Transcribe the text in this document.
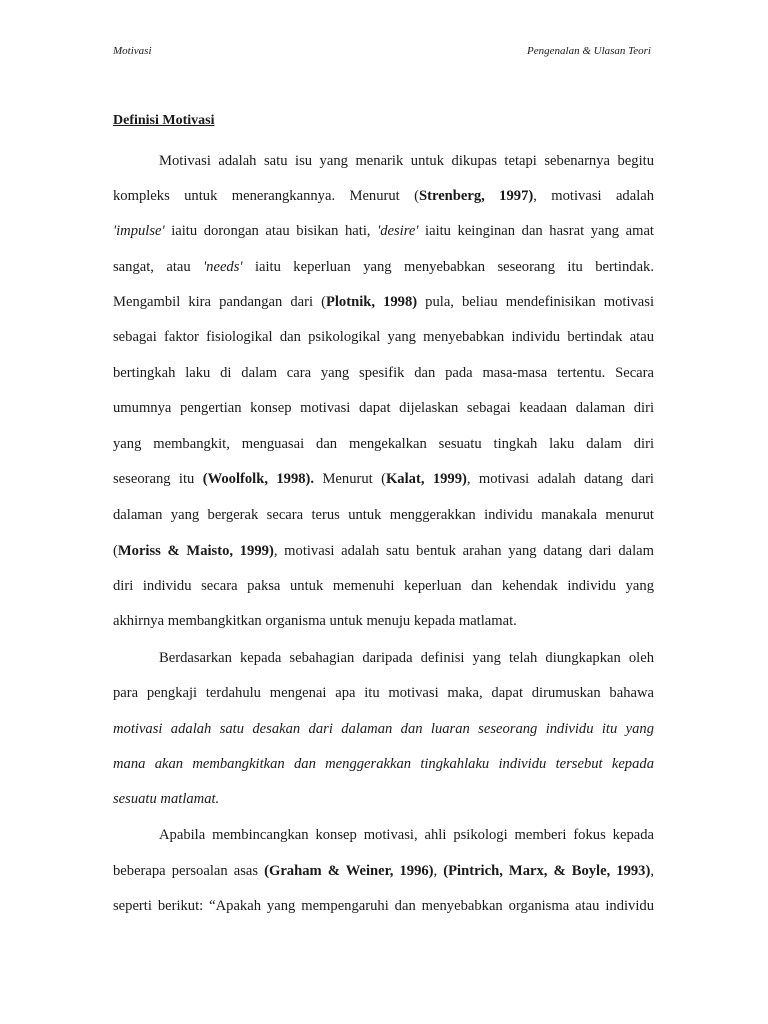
Motivasi	Pengenalan & Ulasan Teori
Definisi Motivasi
Motivasi adalah satu isu yang menarik untuk dikupas tetapi sebenarnya begitu
kompleks untuk menerangkannya. Menurut (Strenberg, 1997), motivasi adalah
'impulse' iaitu dorongan atau bisikan hati, 'desire' iaitu keinginan dan hasrat yang amat
sangat, atau 'needs' iaitu keperluan yang menyebabkan seseorang itu bertindak.
Mengambil kira pandangan dari (Plotnik, 1998) pula, beliau mendefinisikan motivasi
sebagai faktor fisiologikal dan psikologikal yang menyebabkan individu bertindak atau
bertingkah laku di dalam cara yang spesifik dan pada masa-masa tertentu. Secara
umumnya pengertian konsep motivasi dapat dijelaskan sebagai keadaan dalaman diri
yang membangkit, menguasai dan mengekalkan sesuatu tingkah laku dalam diri
seseorang itu (Woolfolk, 1998). Menurut (Kalat, 1999), motivasi adalah datang dari
dalaman yang bergerak secara terus untuk menggerakkan individu manakala menurut
(Moriss & Maisto, 1999), motivasi adalah satu bentuk arahan yang datang dari dalam
diri individu secara paksa untuk memenuhi keperluan dan kehendak individu yang
akhirnya membangkitkan organisma untuk menuju kepada matlamat.
Berdasarkan kepada sebahagian daripada definisi yang telah diungkapkan oleh
para pengkaji terdahulu mengenai apa itu motivasi maka, dapat dirumuskan bahawa
motivasi adalah satu desakan dari dalaman dan luaran seseorang individu itu yang
mana akan membangkitkan dan menggerakkan tingkahlaku individu tersebut kepada
sesuatu matlamat.
Apabila membincangkan konsep motivasi, ahli psikologi memberi fokus kepada
beberapa persoalan asas (Graham & Weiner, 1996), (Pintrich, Marx, & Boyle, 1993),
seperti berikut: “Apakah yang mempengaruhi dan menyebabkan organisma atau individu
